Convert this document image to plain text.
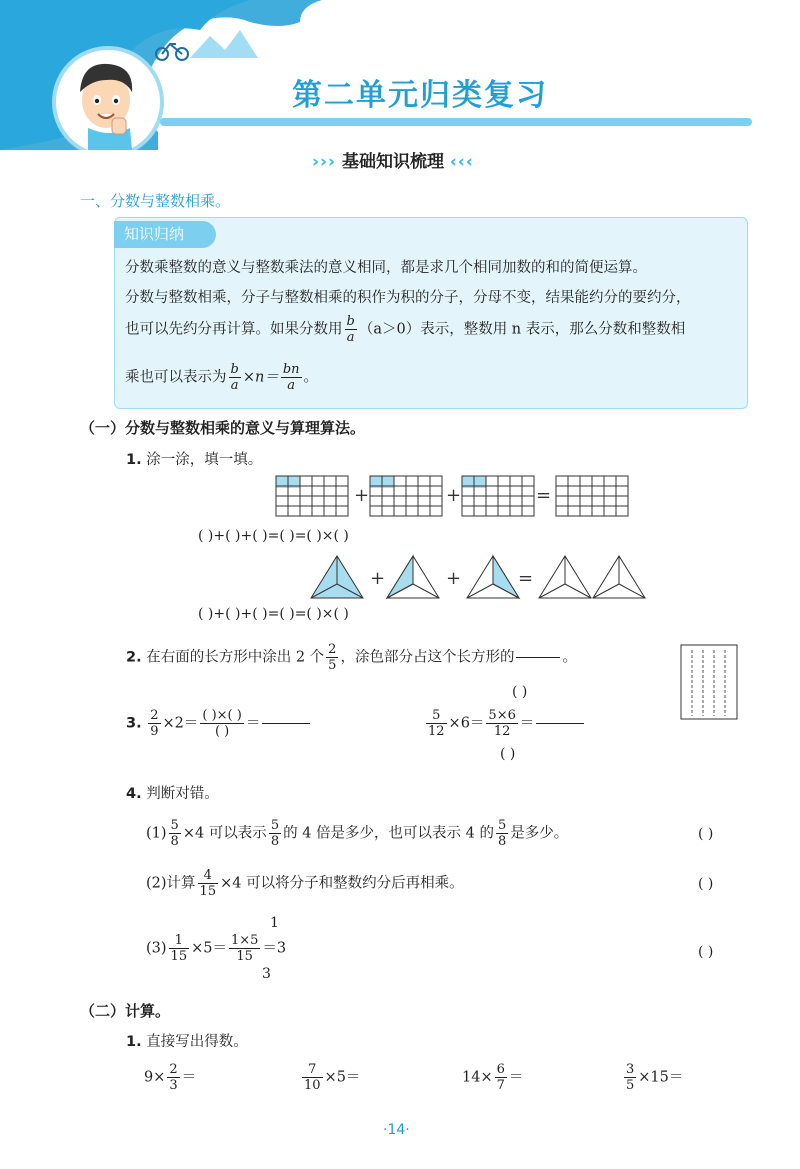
第二单元归类复习
››› 基础知识梳理 ‹‹‹
一、分数与整数相乘。
知识归纳
分数乘整数的意义与整数乘法的意义相同，都是求几个相同加数的和的简便运算。
分数与整数相乘，分子与整数相乘的积作为积的分子，分母不变，结果能约分的要约分，
也可以先约分再计算。如果分数用 $\frac{b}{a} (a>0)$表示，整数用 n 表示，那么分数和整数相
乘也可以表示为 $\frac{b}{a} \times n= \frac{bn}{a}$ 。
（一）分数与整数相乘的意义与算理算法。
1. 涂一涂，填一填。
+	+	=
( )+( )+( )=( )=( )×( )
+	+	=
( )+( )+( )=( )=( )×( )
2. 在右面的长方形中涂出 2 个 $\frac{2}{5}$ ，涂色部分占这个长方形的

	。
3. $\frac{2}{9} \times 2= \frac{( )\times( )}{( )}$ ＝

( )
$\frac{5}{12} \times 6= \frac{5\times 6}{12}$ ＝

( )
4. 判断对错。
$(1) \frac{5}{8} \times 4$ 可以表示 $\frac{5}{8}$ 的 4 倍是多少，也可以表示 4 的 $\frac{5}{8}$ 是多少。	( )
(2)计算 $\frac{4}{15} \times 4$ 可以将分子和整数约分后再相乘。	( )
1
$(3) \frac{1}{15} \times 5= \frac{1\times 5}{15} =3$
3
( )
（二）计算。
1. 直接写出得数。
$9\times \frac{2}{3}$ ＝	$\frac{7}{10} \times 5=$	$14\times \frac{6}{7}$ ＝	$\frac{3}{5} \times 15=$
·14·
